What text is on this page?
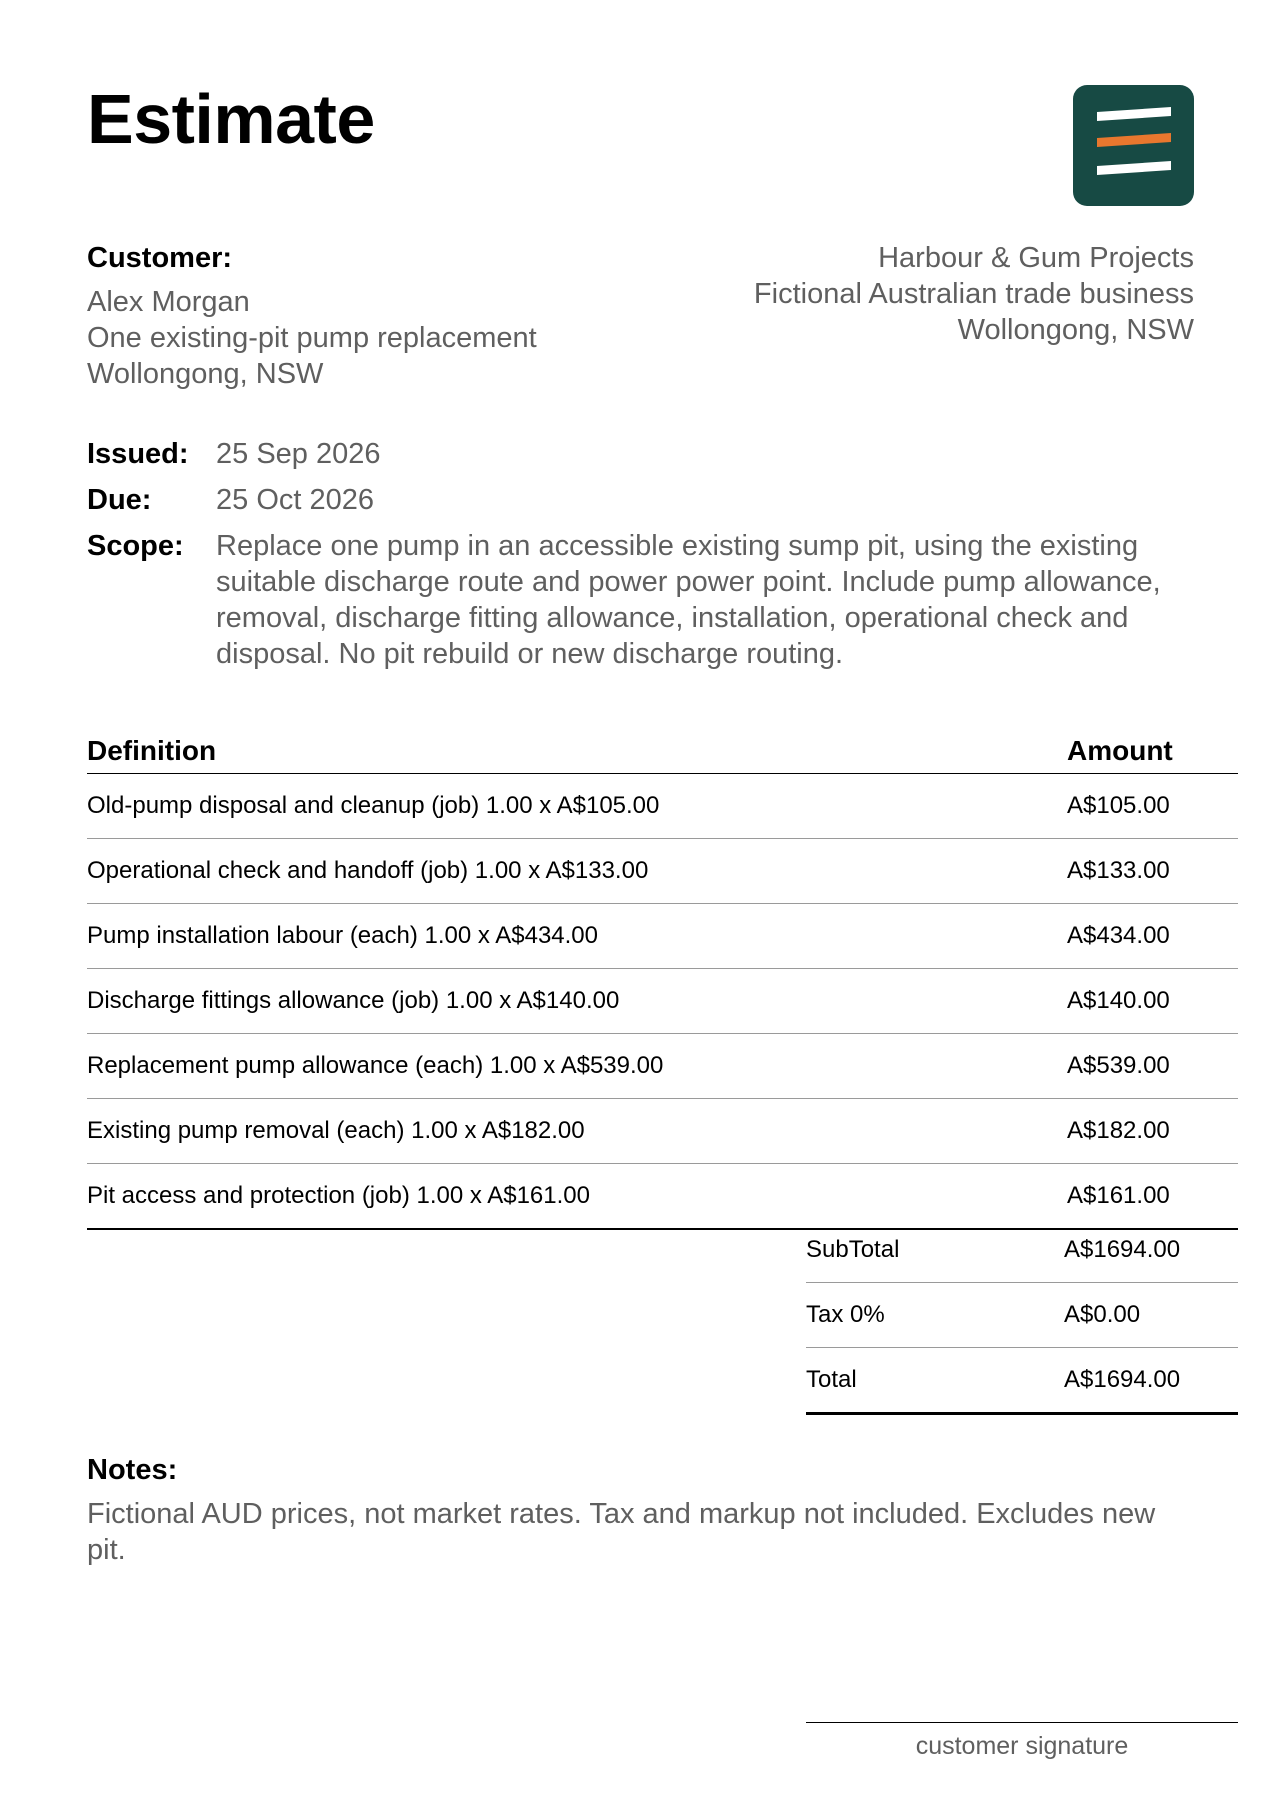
Estimate
Customer:
Alex Morgan
One existing-pit pump replacement
Wollongong, NSW
Harbour & Gum Projects
Fictional Australian trade business
Wollongong, NSW
Issued: 25 Sep 2026
Due:	25 Oct 2026
Scope:	Replace one pump in an accessible existing sump pit, using the existing suitable discharge route and power power point. Include pump allowance, removal, discharge fitting allowance, installation, operational check and disposal. No pit rebuild or new discharge routing.
Definition	Amount
Old-pump disposal and cleanup (job) 1.00 x A$105.00	A$105.00
Operational check and handoff (job) 1.00 x A$133.00	A$133.00
Pump installation labour (each) 1.00 x A$434.00	A$434.00
Discharge fittings allowance (job) 1.00 x A$140.00	A$140.00
Replacement pump allowance (each) 1.00 x A$539.00	A$539.00
Existing pump removal (each) 1.00 x A$182.00	A$182.00
Pit access and protection (job) 1.00 x A$161.00	A$161.00
SubTotal	A$1694.00
Tax 0%	A$0.00
Total	A$1694.00
Notes:
Fictional AUD prices, not market rates. Tax and markup not included. Excludes new pit.
customer signature
